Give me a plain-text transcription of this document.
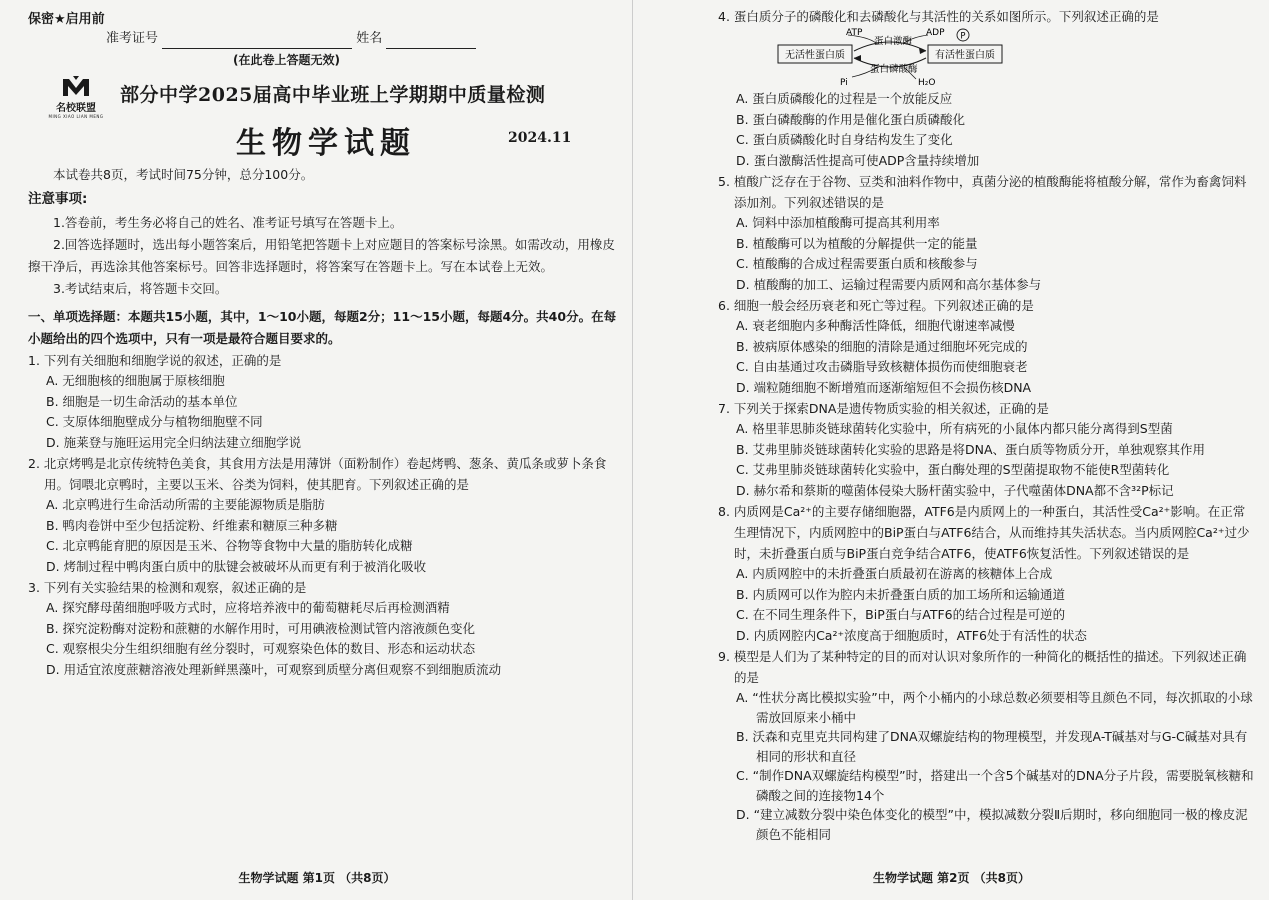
保密★启用前
准考证号	姓名
(在此卷上答题无效)
名校联盟
MING XIAO LIAN MENG
部分中学2025届高中毕业班上学期期中质量检测
生物学试题	2024.11

本试卷共8页，考试时间75分钟，总分100分。

注意事项:

1.答卷前，考生务必将自己的姓名、准考证号填写在答题卡上。

2.回答选择题时，选出每小题答案后，用铅笔把答题卡上对应题目的答案标号涂黑。如需改动，用橡皮擦干净后，再选涂其他答案标号。回答非选择题时，将答案写在答题卡上。写在本试卷上无效。

3.考试结束后，将答题卡交回。

一、单项选择题：本题共15小题，其中，1～10小题，每题2分；11～15小题，每题4分。共40分。在每小题给出的四个选项中，只有一项是最符合题目要求的。

1. 下列有关细胞和细胞学说的叙述，正确的是

A. 无细胞核的细胞属于原核细胞

B. 细胞是一切生命活动的基本单位

C. 支原体细胞壁成分与植物细胞壁不同

D. 施莱登与施旺运用完全归纳法建立细胞学说

2. 北京烤鸭是北京传统特色美食，其食用方法是用薄饼（面粉制作）卷起烤鸭、葱条、黄瓜条或萝卜条食用。饲喂北京鸭时，主要以玉米、谷类为饲料，使其肥育。下列叙述正确的是

A. 北京鸭进行生命活动所需的主要能源物质是脂肪

B. 鸭肉卷饼中至少包括淀粉、纤维素和糖原三种多糖

C. 北京鸭能育肥的原因是玉米、谷物等食物中大量的脂肪转化成糖

D. 烤制过程中鸭肉蛋白质中的肽键会被破坏从而更有利于被消化吸收

3. 下列有关实验结果的检测和观察，叙述正确的是

A. 探究酵母菌细胞呼吸方式时，应将培养液中的葡萄糖耗尽后再检测酒精

B. 探究淀粉酶对淀粉和蔗糖的水解作用时，可用碘液检测试管内溶液颜色变化

C. 观察根尖分生组织细胞有丝分裂时，可观察染色体的数目、形态和运动状态

D. 用适宜浓度蔗糖溶液处理新鲜黑藻叶，可观察到质壁分离但观察不到细胞质流动

生物学试题 第1页 （共8页）

4. 蛋白质分子的磷酸化和去磷酸化与其活性的关系如图所示。下列叙述正确的是

无活性蛋白质	有活性蛋白质
ATP
蛋白激酶
ADP P
蛋白磷酸酶
Pi	H₂O

A. 蛋白质磷酸化的过程是一个放能反应

B. 蛋白磷酸酶的作用是催化蛋白质磷酸化

C. 蛋白质磷酸化时自身结构发生了变化

D. 蛋白激酶活性提高可使ADP含量持续增加

5. 植酸广泛存在于谷物、豆类和油料作物中，真菌分泌的植酸酶能将植酸分解，常作为畜禽饲料添加剂。下列叙述错误的是

A. 饲料中添加植酸酶可提高其利用率

B. 植酸酶可以为植酸的分解提供一定的能量

C. 植酸酶的合成过程需要蛋白质和核酸参与

D. 植酸酶的加工、运输过程需要内质网和高尔基体参与

6. 细胞一般会经历衰老和死亡等过程。下列叙述正确的是

A. 衰老细胞内多种酶活性降低，细胞代谢速率减慢

B. 被病原体感染的细胞的清除是通过细胞坏死完成的

C. 自由基通过攻击磷脂导致核糖体损伤而使细胞衰老

D. 端粒随细胞不断增殖而逐渐缩短但不会损伤核DNA

7. 下列关于探索DNA是遗传物质实验的相关叙述，正确的是

A. 格里菲思肺炎链球菌转化实验中，所有病死的小鼠体内都只能分离得到S型菌

B. 艾弗里肺炎链球菌转化实验的思路是将DNA、蛋白质等物质分开，单独观察其作用

C. 艾弗里肺炎链球菌转化实验中，蛋白酶处理的S型菌提取物不能使R型菌转化

D. 赫尔希和蔡斯的噬菌体侵染大肠杆菌实验中，子代噬菌体DNA都不含³²P标记

8. 内质网是Ca²⁺的主要存储细胞器，ATF6是内质网上的一种蛋白，其活性受Ca²⁺影响。在正常生理情况下，内质网腔中的BiP蛋白与ATF6结合，从而维持其失活状态。当内质网腔Ca²⁺过少时，未折叠蛋白质与BiP蛋白竞争结合ATF6，使ATF6恢复活性。下列叙述错误的是

A. 内质网腔中的未折叠蛋白质最初在游离的核糖体上合成

B. 内质网可以作为腔内未折叠蛋白质的加工场所和运输通道

C. 在不同生理条件下，BiP蛋白与ATF6的结合过程是可逆的

D. 内质网腔内Ca²⁺浓度高于细胞质时，ATF6处于有活性的状态

9. 模型是人们为了某种特定的目的而对认识对象所作的一种简化的概括性的描述。下列叙述正确的是

A. “性状分离比模拟实验”中，两个小桶内的小球总数必须要相等且颜色不同，每次抓取的小球需放回原来小桶中

B. 沃森和克里克共同构建了DNA双螺旋结构的物理模型，并发现A-T碱基对与G-C碱基对具有相同的形状和直径

C. “制作DNA双螺旋结构模型”时，搭建出一个含5个碱基对的DNA分子片段，需要脱氧核糖和磷酸之间的连接物14个

D. “建立减数分裂中染色体变化的模型”中，模拟减数分裂Ⅱ后期时，移向细胞同一极的橡皮泥颜色不能相同

生物学试题 第2页 （共8页）
